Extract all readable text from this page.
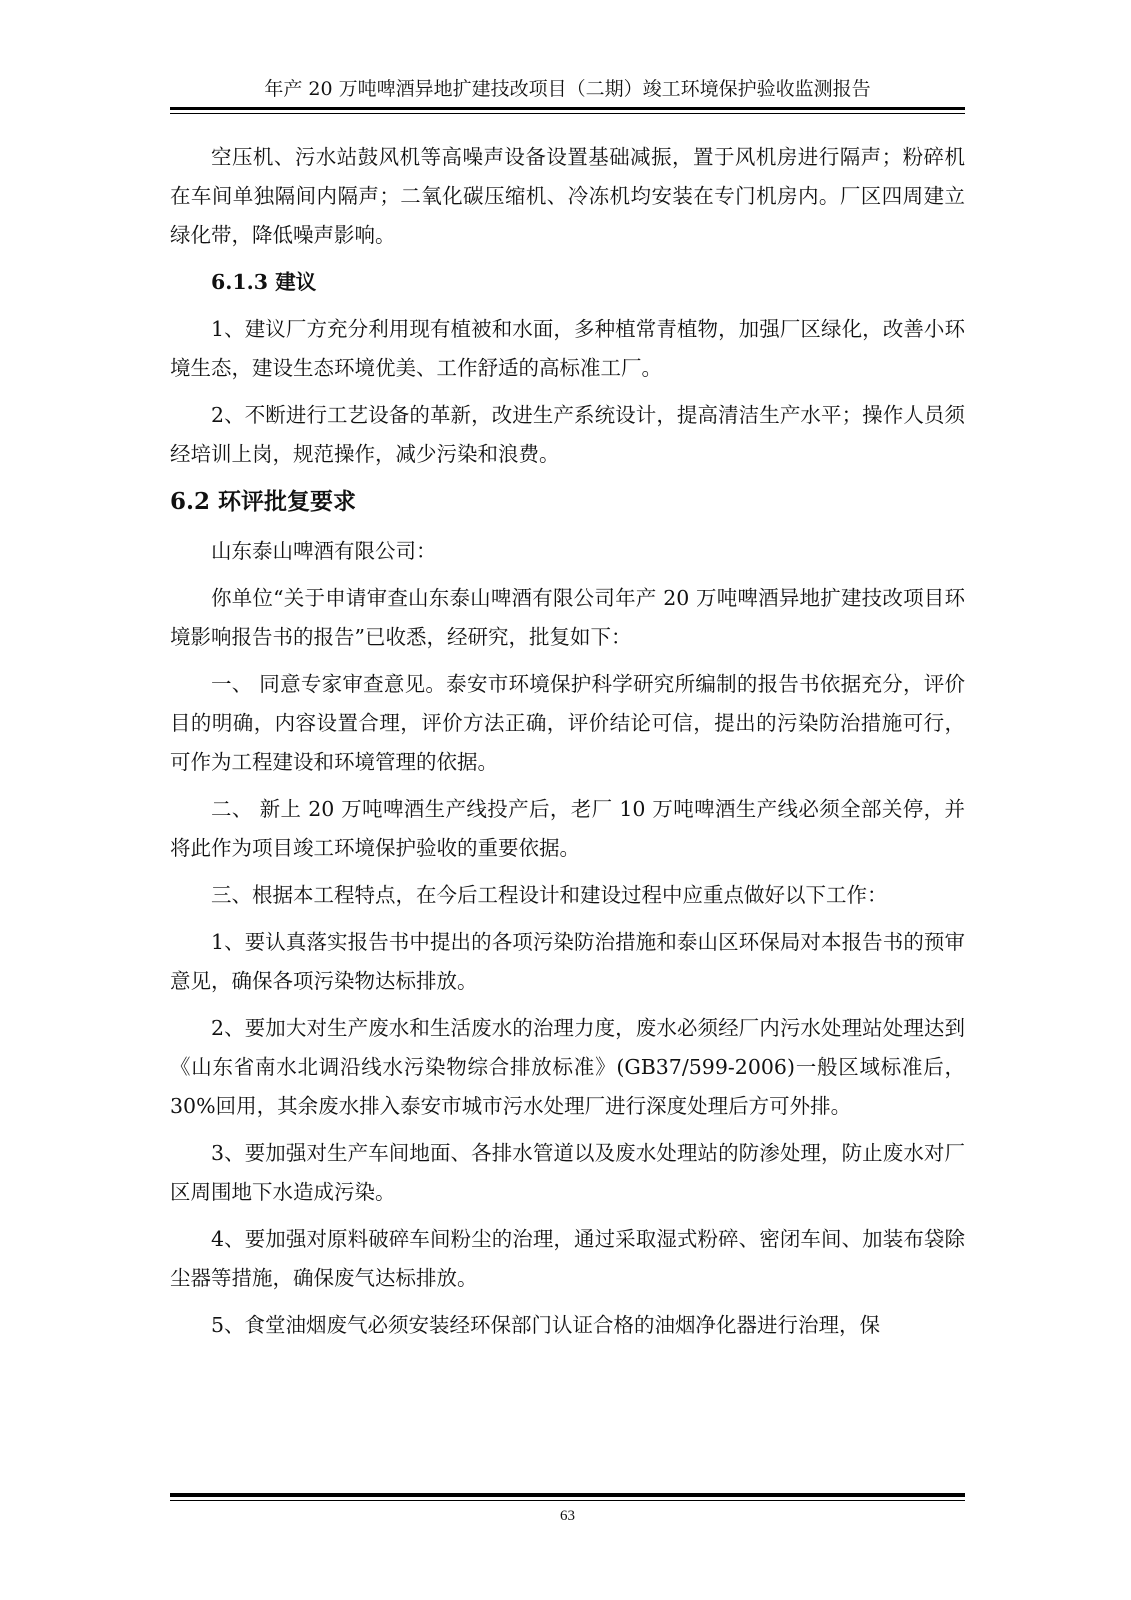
年产 20 万吨啤酒异地扩建技改项目（二期）竣工环境保护验收监测报告

空压机、污水站鼓风机等高噪声设备设置基础减振，置于风机房进行隔声；粉碎机在车间单独隔间内隔声；二氧化碳压缩机、冷冻机均安装在专门机房内。厂区四周建立绿化带，降低噪声影响。

6.1.3 建议

1、建议厂方充分利用现有植被和水面，多种植常青植物，加强厂区绿化，改善小环境生态，建设生态环境优美、工作舒适的高标准工厂。

2、不断进行工艺设备的革新，改进生产系统设计，提高清洁生产水平；操作人员须经培训上岗，规范操作，减少污染和浪费。

6.2 环评批复要求

山东泰山啤酒有限公司：

你单位“关于申请审查山东泰山啤酒有限公司年产 20 万吨啤酒异地扩建技改项目环境影响报告书的报告”已收悉，经研究，批复如下：

一、 同意专家审查意见。泰安市环境保护科学研究所编制的报告书依据充分，评价目的明确，内容设置合理，评价方法正确，评价结论可信，提出的污染防治措施可行，可作为工程建设和环境管理的依据。

二、 新上 20 万吨啤酒生产线投产后，老厂 10 万吨啤酒生产线必须全部关停，并将此作为项目竣工环境保护验收的重要依据。

三、根据本工程特点，在今后工程设计和建设过程中应重点做好以下工作：

1、要认真落实报告书中提出的各项污染防治措施和泰山区环保局对本报告书的预审意见，确保各项污染物达标排放。

2、要加大对生产废水和生活废水的治理力度，废水必须经厂内污水处理站处理达到《山东省南水北调沿线水污染物综合排放标准》(GB37/599-2006)一般区域标准后，30%回用，其余废水排入泰安市城市污水处理厂进行深度处理后方可外排。

3、要加强对生产车间地面、各排水管道以及废水处理站的防渗处理，防止废水对厂区周围地下水造成污染。

4、要加强对原料破碎车间粉尘的治理，通过采取湿式粉碎、密闭车间、加装布袋除尘器等措施，确保废气达标排放。

5、食堂油烟废气必须安装经环保部门认证合格的油烟净化器进行治理，保

63
